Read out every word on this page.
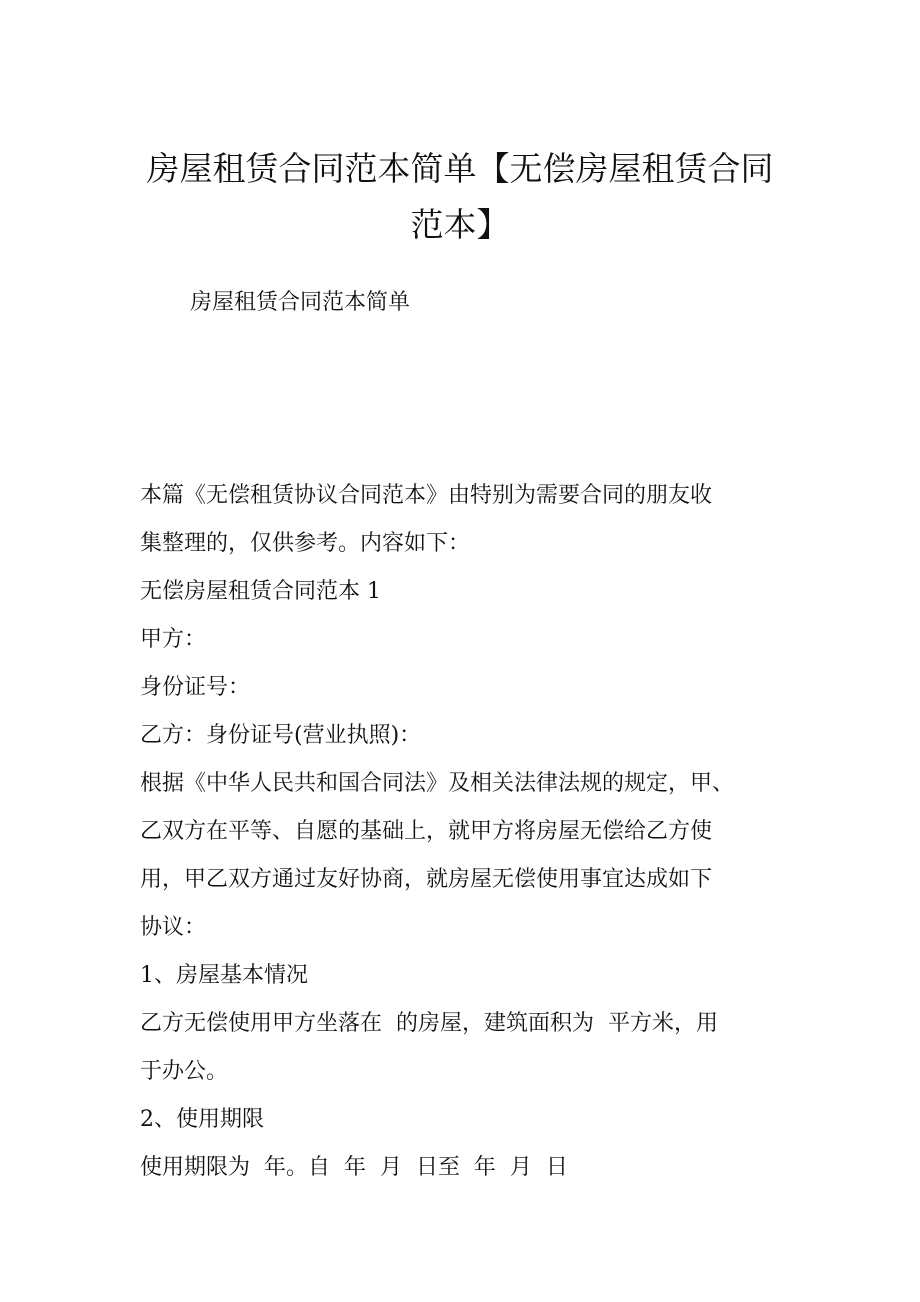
房屋租赁合同范本简单【无偿房屋租赁合同
范本】

房屋租赁合同范本简单

本篇《无偿租赁协议合同范本》由特别为需要合同的朋友收

集整理的，仅供参考。内容如下：

无偿房屋租赁合同范本 1

甲方：

身份证号：

乙方：身份证号(营业执照)：

根据《中华人民共和国合同法》及相关法律法规的规定，甲、

乙双方在平等、自愿的基础上，就甲方将房屋无偿给乙方使

用，甲乙双方通过友好协商，就房屋无偿使用事宜达成如下

协议：

1、房屋基本情况

乙方无偿使用甲方坐落在  的房屋，建筑面积为  平方米，用

于办公。

2、使用期限

使用期限为  年。自  年  月  日至  年  月  日
